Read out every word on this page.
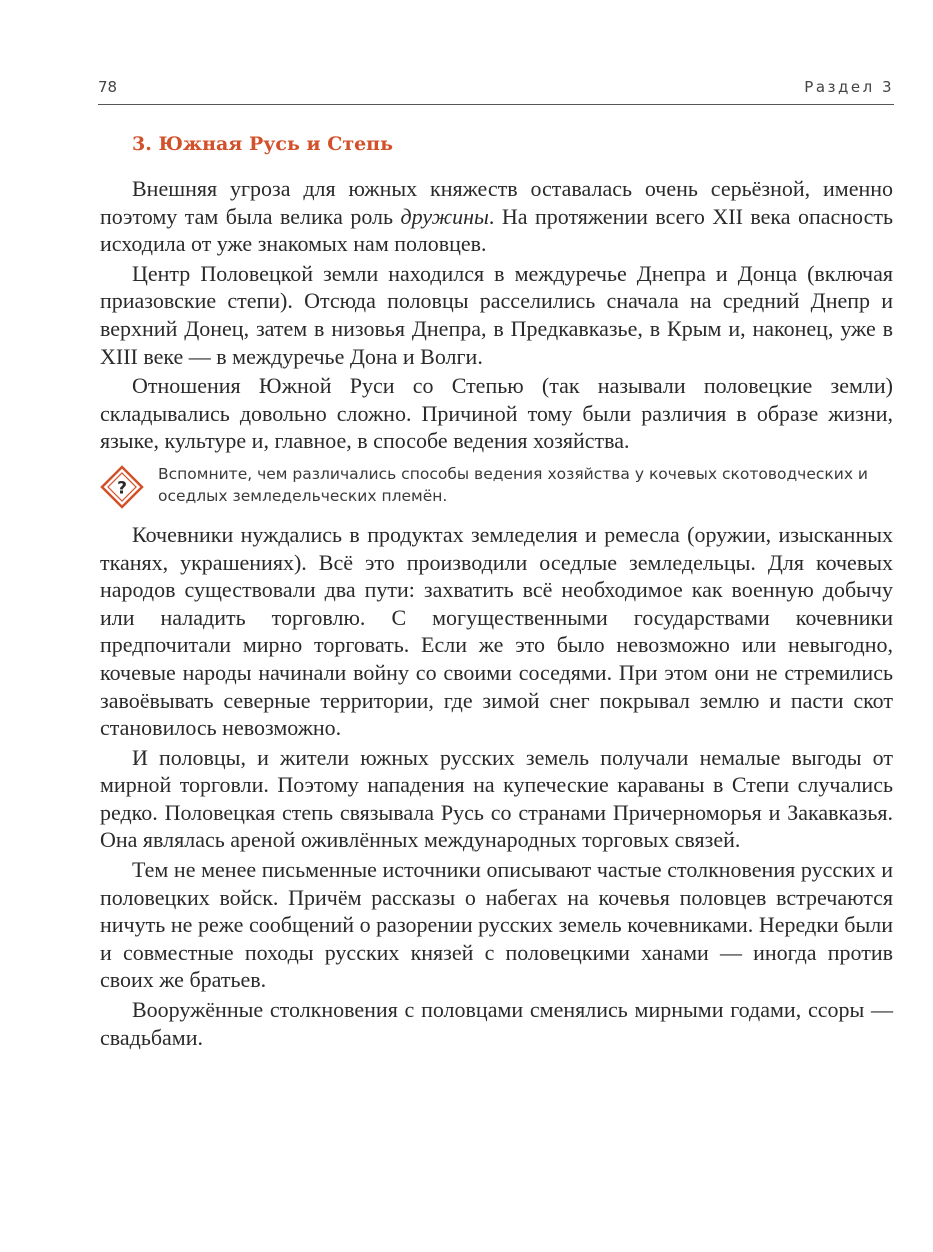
78	Раздел 3
3. Южная Русь и Степь

Внешняя угроза для южных княжеств оставалась очень серьёзной, именно поэтому там была велика роль дружины. На протяжении всего XII века опасность исходила от уже знакомых нам половцев.

Центр Половецкой земли находился в междуречье Днепра и Донца (включая приазовские степи). Отсюда половцы расселились сначала на средний Днепр и верхний Донец, затем в низовья Днепра, в Предкавказье, в Крым и, наконец, уже в XIII веке — в междуречье Дона и Волги.

Отношения Южной Руси со Степью (так называли половецкие земли) складывались довольно сложно. Причиной тому были различия в образе жизни, языке, культуре и, главное, в способе ведения хозяйства.

?
Вспомните, чем различались способы ведения хозяйства у кочевых скотоводческих и оседлых земледельческих племён.

Кочевники нуждались в продуктах земледелия и ремесла (оружии, изысканных тканях, украшениях). Всё это производили оседлые земледельцы. Для кочевых народов существовали два пути: захватить всё необходимое как военную добычу или наладить торговлю. С могущественными государствами кочевники предпочитали мирно торговать. Если же это было невозможно или невыгодно, кочевые народы начинали войну со своими соседями. При этом они не стремились завоёвывать северные территории, где зимой снег покрывал землю и пасти скот становилось невозможно.

И половцы, и жители южных русских земель получали немалые выгоды от мирной торговли. Поэтому нападения на купеческие караваны в Степи случались редко. Половецкая степь связывала Русь со странами Причерноморья и Закавказья. Она являлась ареной оживлённых международных торговых связей.

Тем не менее письменные источники описывают частые столкновения русских и половецких войск. Причём рассказы о набегах на кочевья половцев встречаются ничуть не реже сообщений о разорении русских земель кочевниками. Нередки были и совместные походы русских князей с половецкими ханами — иногда против своих же братьев.

Вооружённые столкновения с половцами сменялись мирными годами, ссоры — свадьбами.
